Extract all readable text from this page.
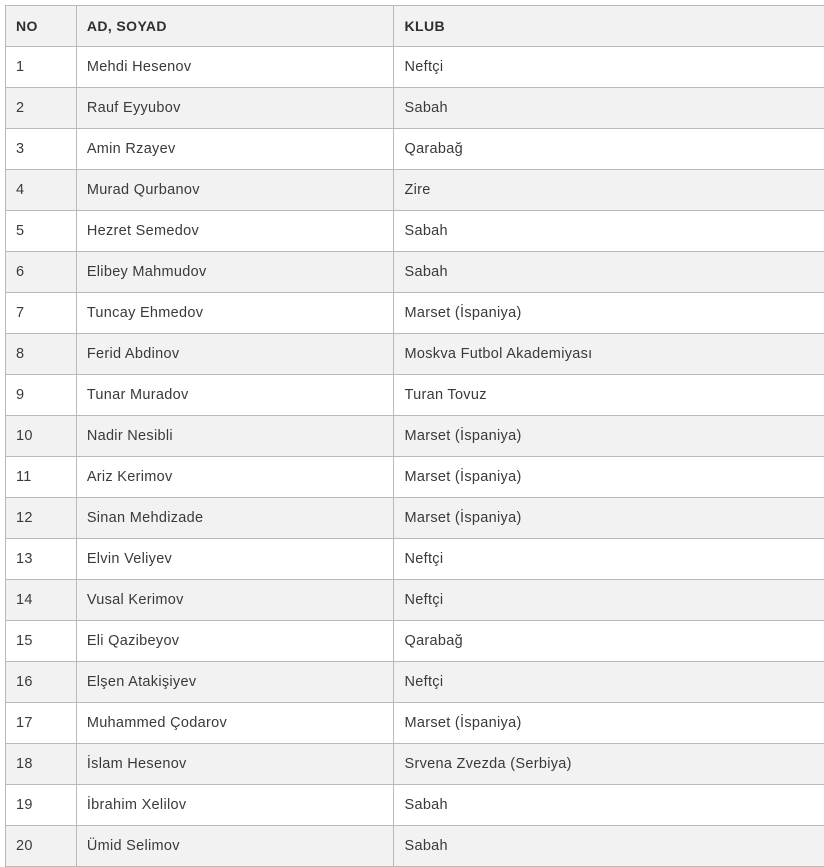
NO	AD, SOYAD	KLUB
1	Mehdi Hesenov	Neftçi
2	Rauf Eyyubov	Sabah
3	Amin Rzayev	Qarabağ
4	Murad Qurbanov	Zire
5	Hezret Semedov	Sabah
6	Elibey Mahmudov	Sabah
7	Tuncay Ehmedov	Marset (İspaniya)
8	Ferid Abdinov	Moskva Futbol Akademiyası
9	Tunar Muradov	Turan Tovuz
10	Nadir Nesibli	Marset (İspaniya)
11	Ariz Kerimov	Marset (İspaniya)
12	Sinan Mehdizade	Marset (İspaniya)
13	Elvin Veliyev	Neftçi
14	Vusal Kerimov	Neftçi
15	Eli Qazibeyov	Qarabağ
16	Elşen Atakişiyev	Neftçi
17	Muhammed Çodarov	Marset (İspaniya)
18	İslam Hesenov	Srvena Zvezda (Serbiya)
19	İbrahim Xelilov	Sabah
20	Ümid Selimov	Sabah
